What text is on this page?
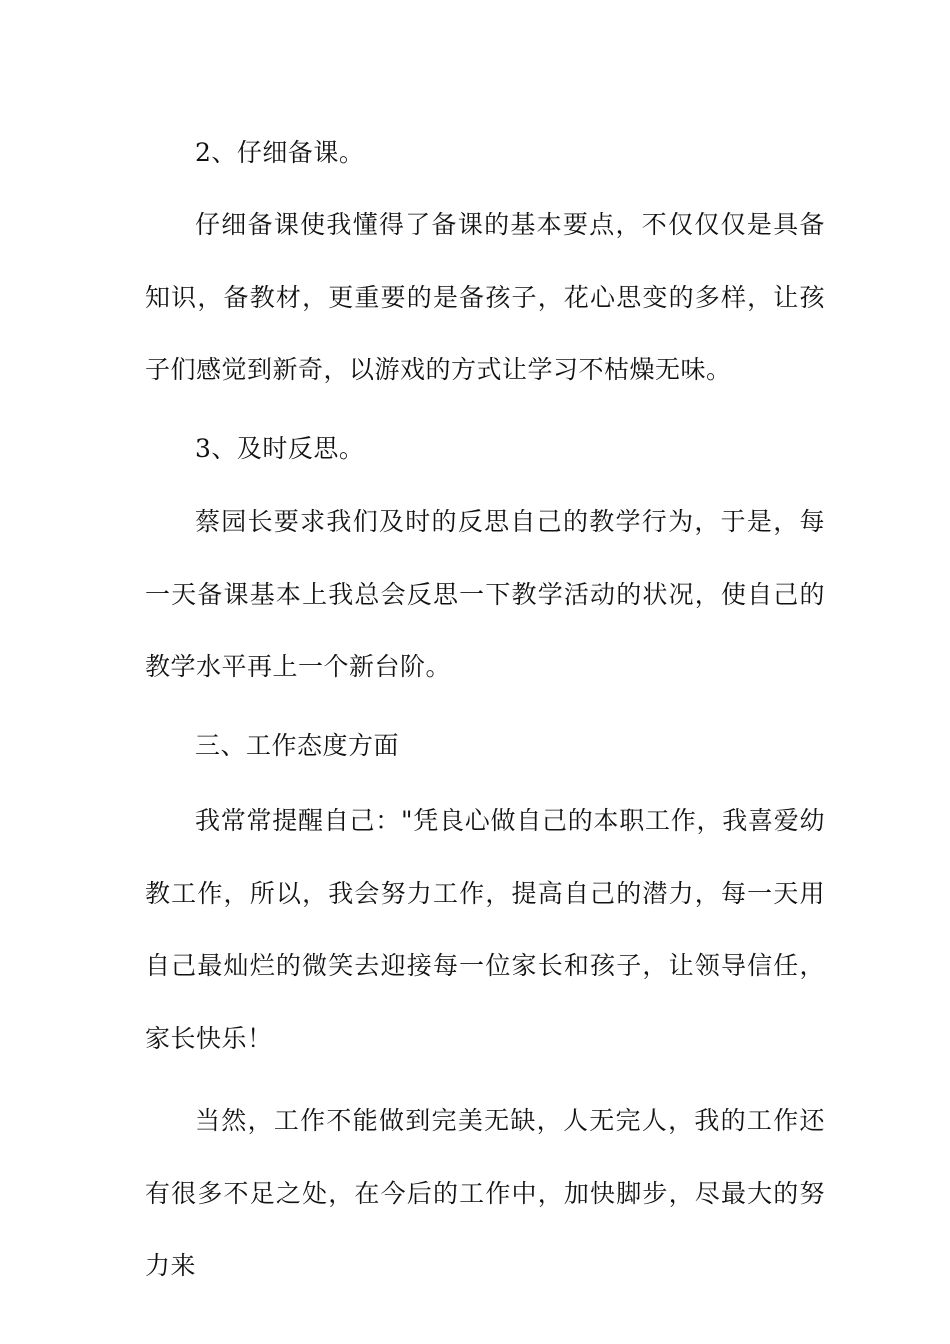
2、仔细备课。

仔细备课使我懂得了备课的基本要点，不仅仅仅是具备知识，备教材，更重要的是备孩子，花心思变的多样，让孩子们感觉到新奇，以游戏的方式让学习不枯燥无味。

3、及时反思。

蔡园长要求我们及时的反思自己的教学行为，于是，每一天备课基本上我总会反思一下教学活动的状况，使自己的教学水平再上一个新台阶。

三、工作态度方面

我常常提醒自己："凭良心做自己的本职工作，我喜爱幼教工作，所以，我会努力工作，提高自己的潜力，每一天用自己最灿烂的微笑去迎接每一位家长和孩子，让领导信任，家长快乐！

当然，工作不能做到完美无缺，人无完人，我的工作还有很多不足之处，在今后的工作中，加快脚步，尽最大的努力来
